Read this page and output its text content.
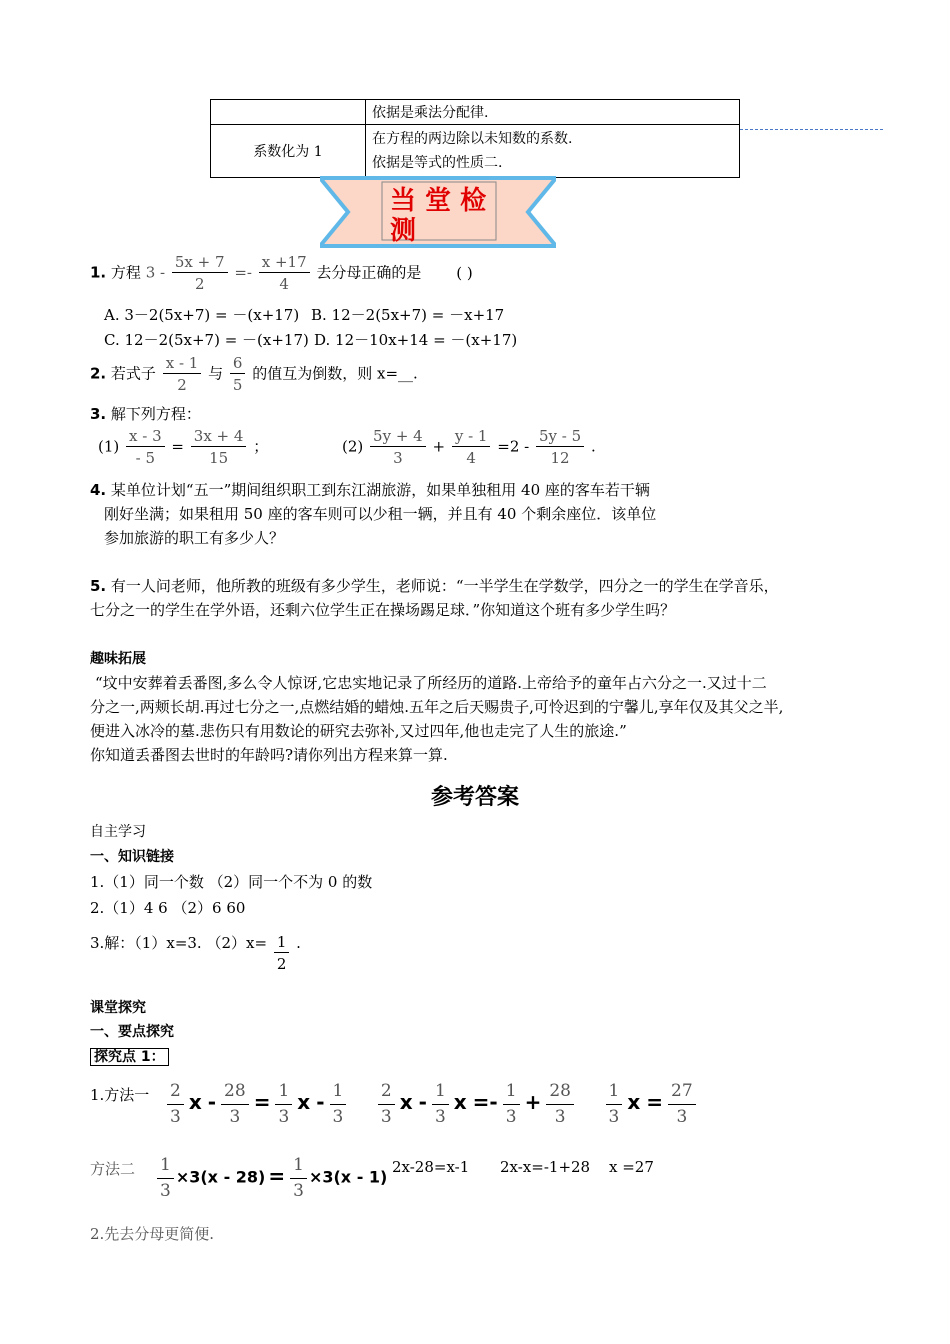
	依据是乘法分配律.
系数化为 1	在方程的两边除以未知数的系数.
依据是等式的性质二.
当 堂 检
测
1. 方程 $3 - \frac{5x + 7}{2} =- \frac{x +17}{4}$ 去分母正确的是 ( )
A. 3－2(5x+7) = －(x+17) B. 12－2(5x+7) = －x+17
C. 12－2(5x+7) = －(x+17) D. 12－10x+14 = －(x+17)
2. 若式子 $\frac{x - 1}{2}$ 与 $\frac{6}{5}$ 的值互为倒数，则 x=__.
3. 解下列方程：
$(1) \frac{x - 3}{- 5} = \frac{3x + 4}{15}$ ；	$(2) \frac{5y + 4}{3} + \frac{y - 1}{4} =2 - \frac{5y - 5}{12}$ .
4. 某单位计划“五一”期间组织职工到东江湖旅游，如果单独租用 40 座的客车若干辆
刚好坐满；如果租用 50 座的客车则可以少租一辆，并且有 40 个剩余座位．该单位
参加旅游的职工有多少人？
5. 有一人问老师，他所教的班级有多少学生，老师说：“一半学生在学数学，四分之一的学生在学音乐，
七分之一的学生在学外语，还剩六位学生正在操场踢足球．”你知道这个班有多少学生吗？
趣味拓展
“坟中安葬着丢番图,多么令人惊讶,它忠实地记录了所经历的道路.上帝给予的童年占六分之一.又过十二
分之一,两颊长胡.再过七分之一,点燃结婚的蜡烛.五年之后天赐贵子,可怜迟到的宁馨儿,享年仅及其父之半,
便进入冰冷的墓.悲伤只有用数论的研究去弥补,又过四年,他也走完了人生的旅途.”
你知道丢番图去世时的年龄吗?请你列出方程来算一算.
参考答案
自主学习
一、知识链接
1.（1）同一个数 （2）同一个不为 0 的数
2.（1）4 6 （2）6 60
3.解：（1）x=3. $(2)x= \frac{1}{2}$ .
课堂探究
一、要点探究
探究点 1：
1.方法一 $\frac{2}{3}$ $x - \frac{28}{3} = \frac{1}{3}$ x - $\frac{1}{3}$
$\frac{2}{3}$ x - $\frac{1}{3}$ $x =- \frac{1}{3} + \frac{28}{3}$
$\frac{1}{3}$ $x = \frac{27}{3}$
方法二 $\frac{1}{3} \times 3(x - 28) = \frac{1}{3} \times 3(x - 1)$
2x-28=x-1 2x-x=-1+28 x =27
2.先去分母更简便.
